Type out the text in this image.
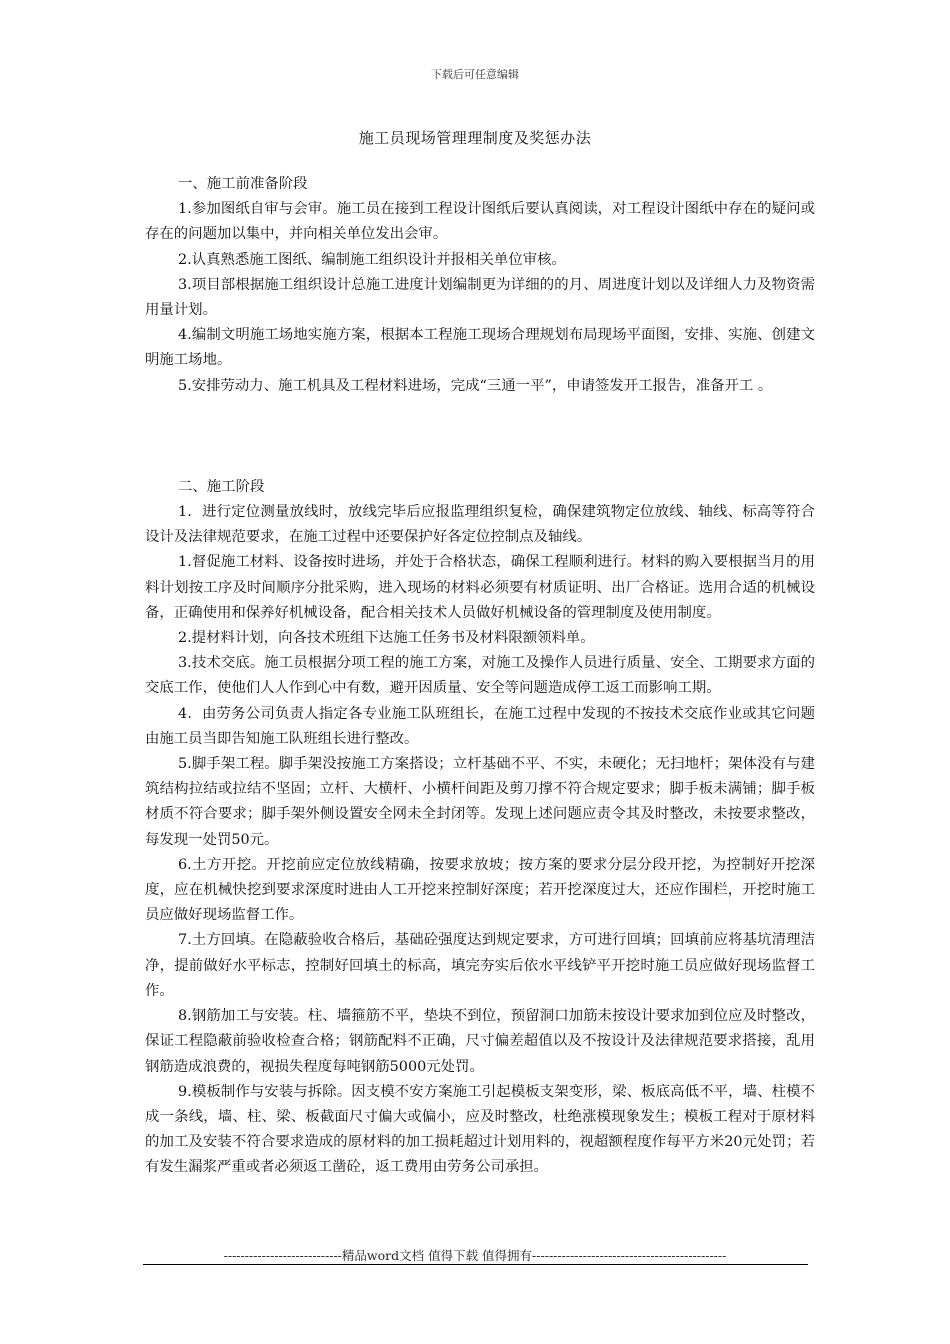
下载后可任意编辑
施工员现场管理理制度及奖惩办法

一、施工前准备阶段

1.参加图纸自审与会审。施工员在接到工程设计图纸后要认真阅读，对工程设计图纸中存在的疑问或存在的问题加以集中，并向相关单位发出会审。

2.认真熟悉施工图纸、编制施工组织设计并报相关单位审核。

3.项目部根据施工组织设计总施工进度计划编制更为详细的的月、周进度计划以及详细人力及物资需用量计划。

4.编制文明施工场地实施方案，根据本工程施工现场合理规划布局现场平面图，安排、实施、创建文明施工场地。

5.安排劳动力、施工机具及工程材料进场，完成“三通一平”，申请签发开工报告，准备开工 。

二、施工阶段

1．进行定位测量放线时，放线完毕后应报监理组织复检，确保建筑物定位放线、轴线、标高等符合设计及法律规范要求，在施工过程中还要保护好各定位控制点及轴线。

1.督促施工材料、设备按时进场，并处于合格状态，确保工程顺利进行。材料的购入要根据当月的用料计划按工序及时间顺序分批采购，进入现场的材料必须要有材质证明、出厂合格证。选用合适的机械设备，正确使用和保养好机械设备，配合相关技术人员做好机械设备的管理制度及使用制度。

2.提材料计划，向各技术班组下达施工任务书及材料限额领料单。

3.技术交底。施工员根据分项工程的施工方案，对施工及操作人员进行质量、安全、工期要求方面的交底工作，使他们人人作到心中有数，避开因质量、安全等问题造成停工返工而影响工期。

4．由劳务公司负责人指定各专业施工队班组长，在施工过程中发现的不按技术交底作业或其它问题由施工员当即告知施工队班组长进行整改。

5.脚手架工程。脚手架没按施工方案搭设；立杆基础不平、不实，未硬化；无扫地杆；架体没有与建筑结构拉结或拉结不坚固；立杆、大横杆、小横杆间距及剪刀撑不符合规定要求；脚手板未满铺；脚手板材质不符合要求；脚手架外侧设置安全网未全封闭等。发现上述问题应责令其及时整改，未按要求整改，每发现一处罚50元。

6.土方开挖。开挖前应定位放线精确，按要求放坡；按方案的要求分层分段开挖，为控制好开挖深度，应在机械快挖到要求深度时进由人工开挖来控制好深度；若开挖深度过大，还应作围栏，开挖时施工员应做好现场监督工作。

7.土方回填。在隐蔽验收合格后，基础砼强度达到规定要求，方可进行回填；回填前应将基坑清理洁净，提前做好水平标志，控制好回填土的标高，填完夯实后依水平线铲平开挖时施工员应做好现场监督工作。

8.钢筋加工与安装。柱、墙箍筋不平，垫块不到位，预留洞口加筋未按设计要求加到位应及时整改，保证工程隐蔽前验收检查合格；钢筋配料不正确，尺寸偏差超值以及不按设计及法律规范要求搭接，乱用钢筋造成浪费的，视损失程度每吨钢筋5000元处罚。

9.模板制作与安装与拆除。因支模不安方案施工引起模板支架变形，梁、板底高低不平，墙、柱模不成一条线，墙、柱、梁、板截面尺寸偏大或偏小，应及时整改，杜绝涨模现象发生；模板工程对于原材料的加工及安装不符合要求造成的原材料的加工损耗超过计划用料的，视超额程度作每平方米20元处罚；若有发生漏浆严重或者必须返工凿砼，返工费用由劳务公司承担。

----------------------------精品word文档 值得下载 值得拥有----------------------------------------------
